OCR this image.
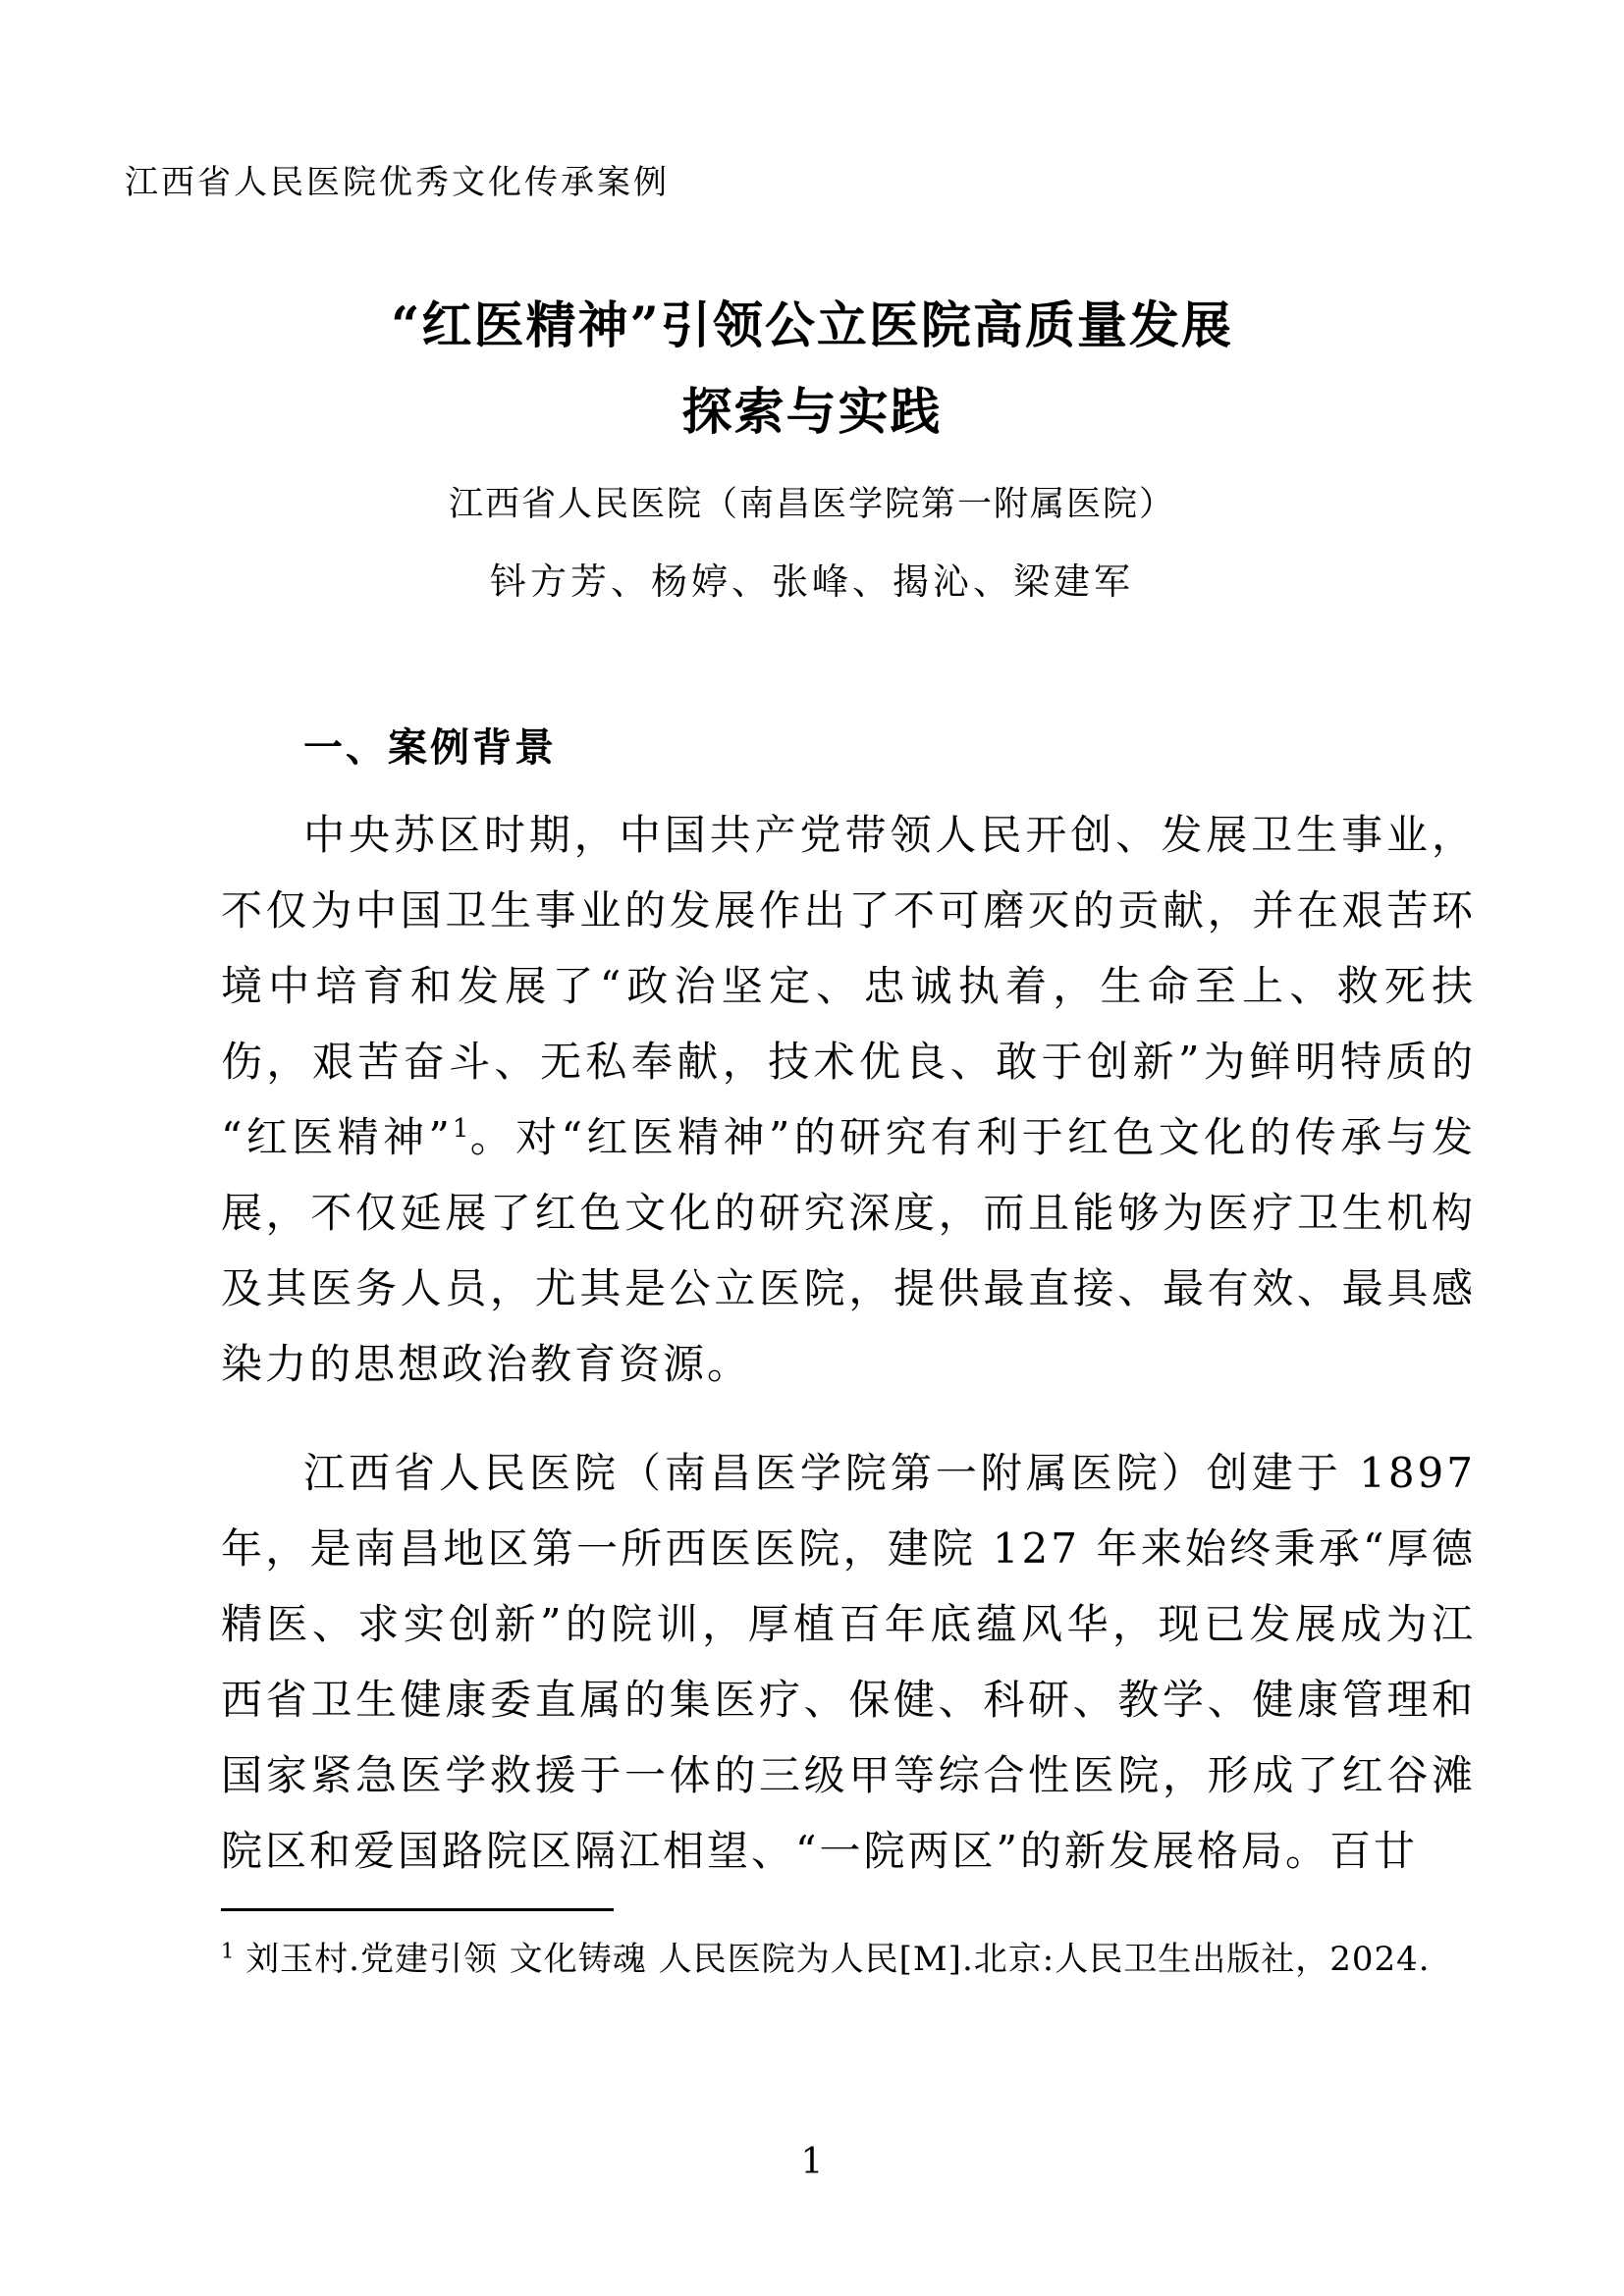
江西省人民医院优秀文化传承案例
“红医精神”引领公立医院高质量发展
探索与实践
江西省人民医院（南昌医学院第一附属医院）
钭方芳、杨婷、张峰、揭沁、梁建军
一、案例背景

中央苏区时期，中国共产党带领人民开创、发展卫生事业，不仅为中国卫生事业的发展作出了不可磨灭的贡献，并在艰苦环境中培育和发展了“政治坚定、忠诚执着，生命至上、救死扶伤，艰苦奋斗、无私奉献，技术优良、敢于创新”为鲜明特质的“红医精神”$^1$。对“红医精神”的研究有利于红色文化的传承与发展，不仅延展了红色文化的研究深度，而且能够为医疗卫生机构及其医务人员，尤其是公立医院，提供最直接、最有效、最具感染力的思想政治教育资源。

江西省人民医院（南昌医学院第一附属医院）创建于 1897 年，是南昌地区第一所西医医院，建院 127 年来始终秉承“厚德精医、求实创新”的院训，厚植百年底蕴风华，现已发展成为江西省卫生健康委直属的集医疗、保健、科研、教学、健康管理和国家紧急医学救援于一体的三级甲等综合性医院，形成了红谷滩院区和爱国路院区隔江相望、“一院两区”的新发展格局。百廿

$^1$ 刘玉村.党建引领 文化铸魂 人民医院为人民[M].北京:人民卫生出版社，2024.

1
